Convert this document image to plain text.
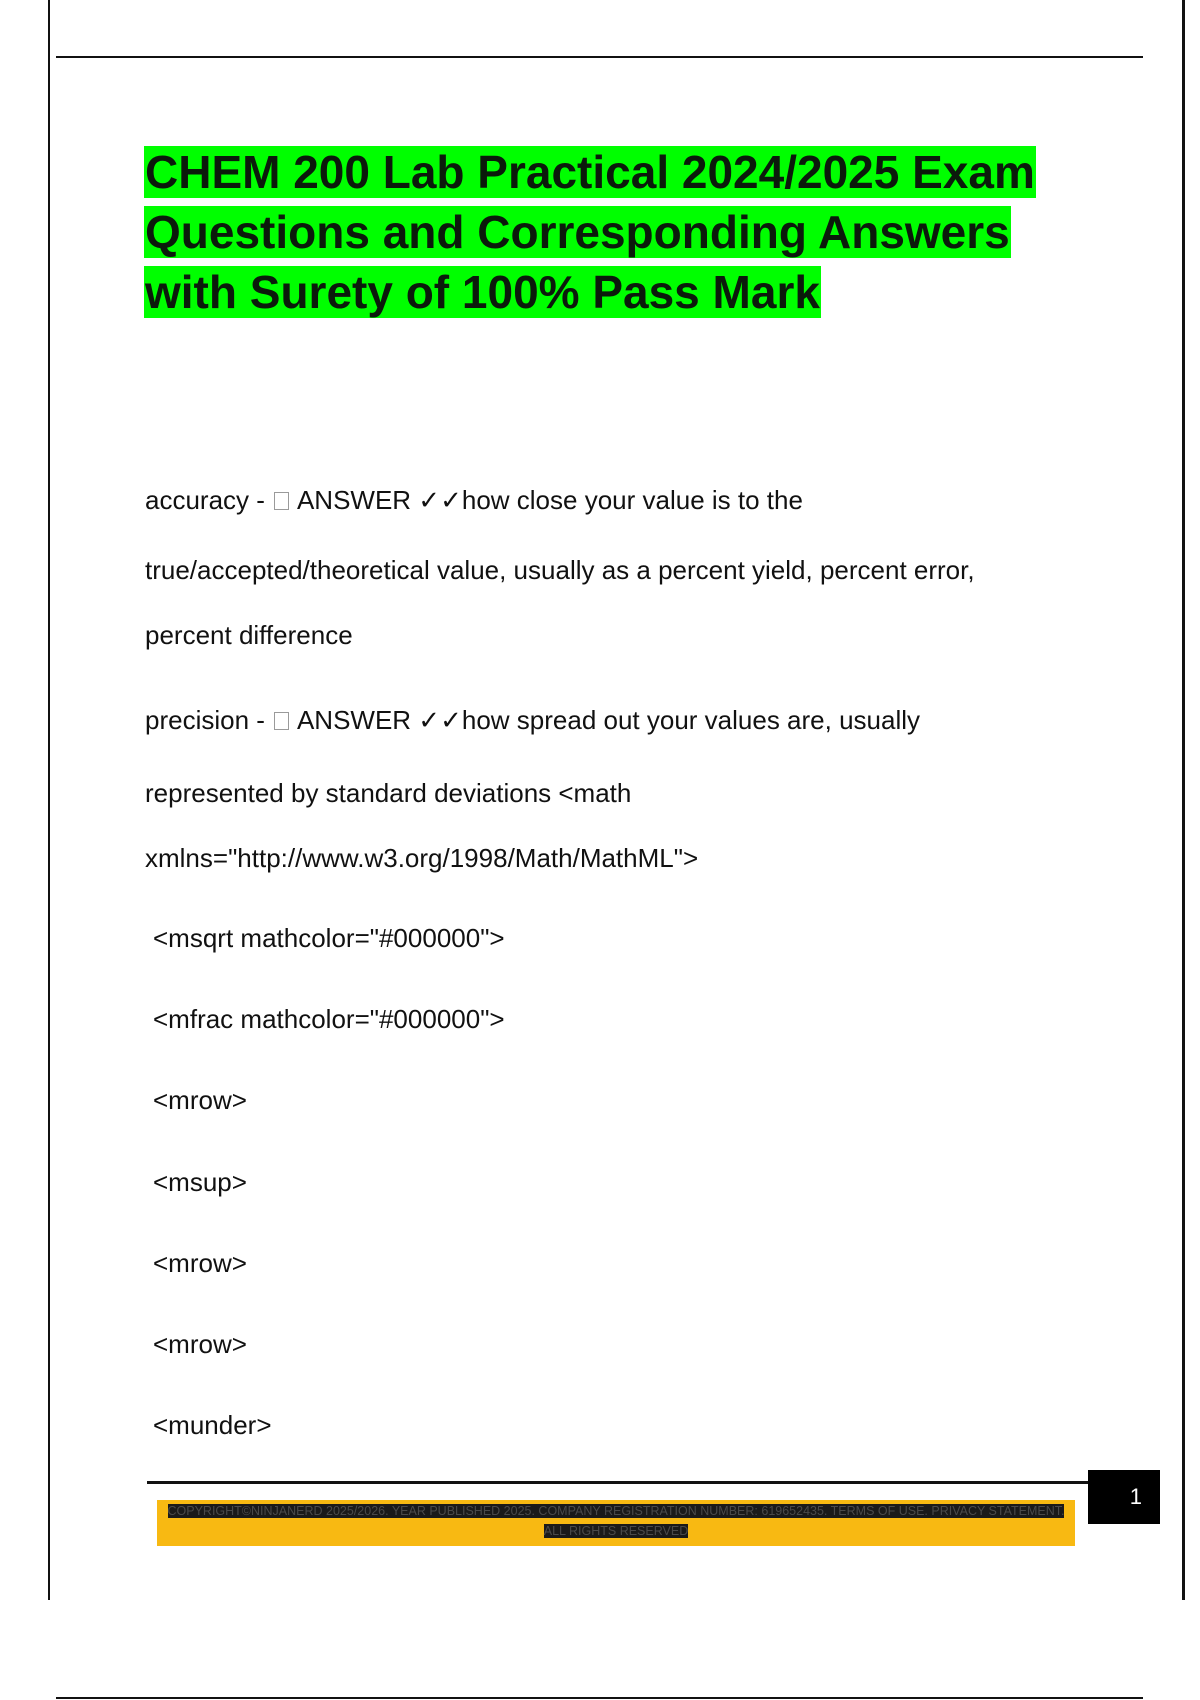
CHEM 200 Lab Practical 2024/2025 Exam Questions and Corresponding Answers with Surety of 100% Pass Mark
accuracy -  ANSWER ✓✓how close your value is to the
true/accepted/theoretical value, usually as a percent yield, percent error,
percent difference
precision -  ANSWER ✓✓how spread out your values are, usually
represented by standard deviations <math
xmlns="http://www.w3.org/1998/Math/MathML">
<msqrt mathcolor="#000000">
<mfrac mathcolor="#000000">
<mrow>
<msup>
<mrow>
<mrow>
<munder>
1
COPYRIGHT©NINJANERD 2025/2026. YEAR PUBLISHED 2025. COMPANY REGISTRATION NUMBER: 619652435. TERMS OF USE. PRIVACY STATEMENT. ALL RIGHTS RESERVED
